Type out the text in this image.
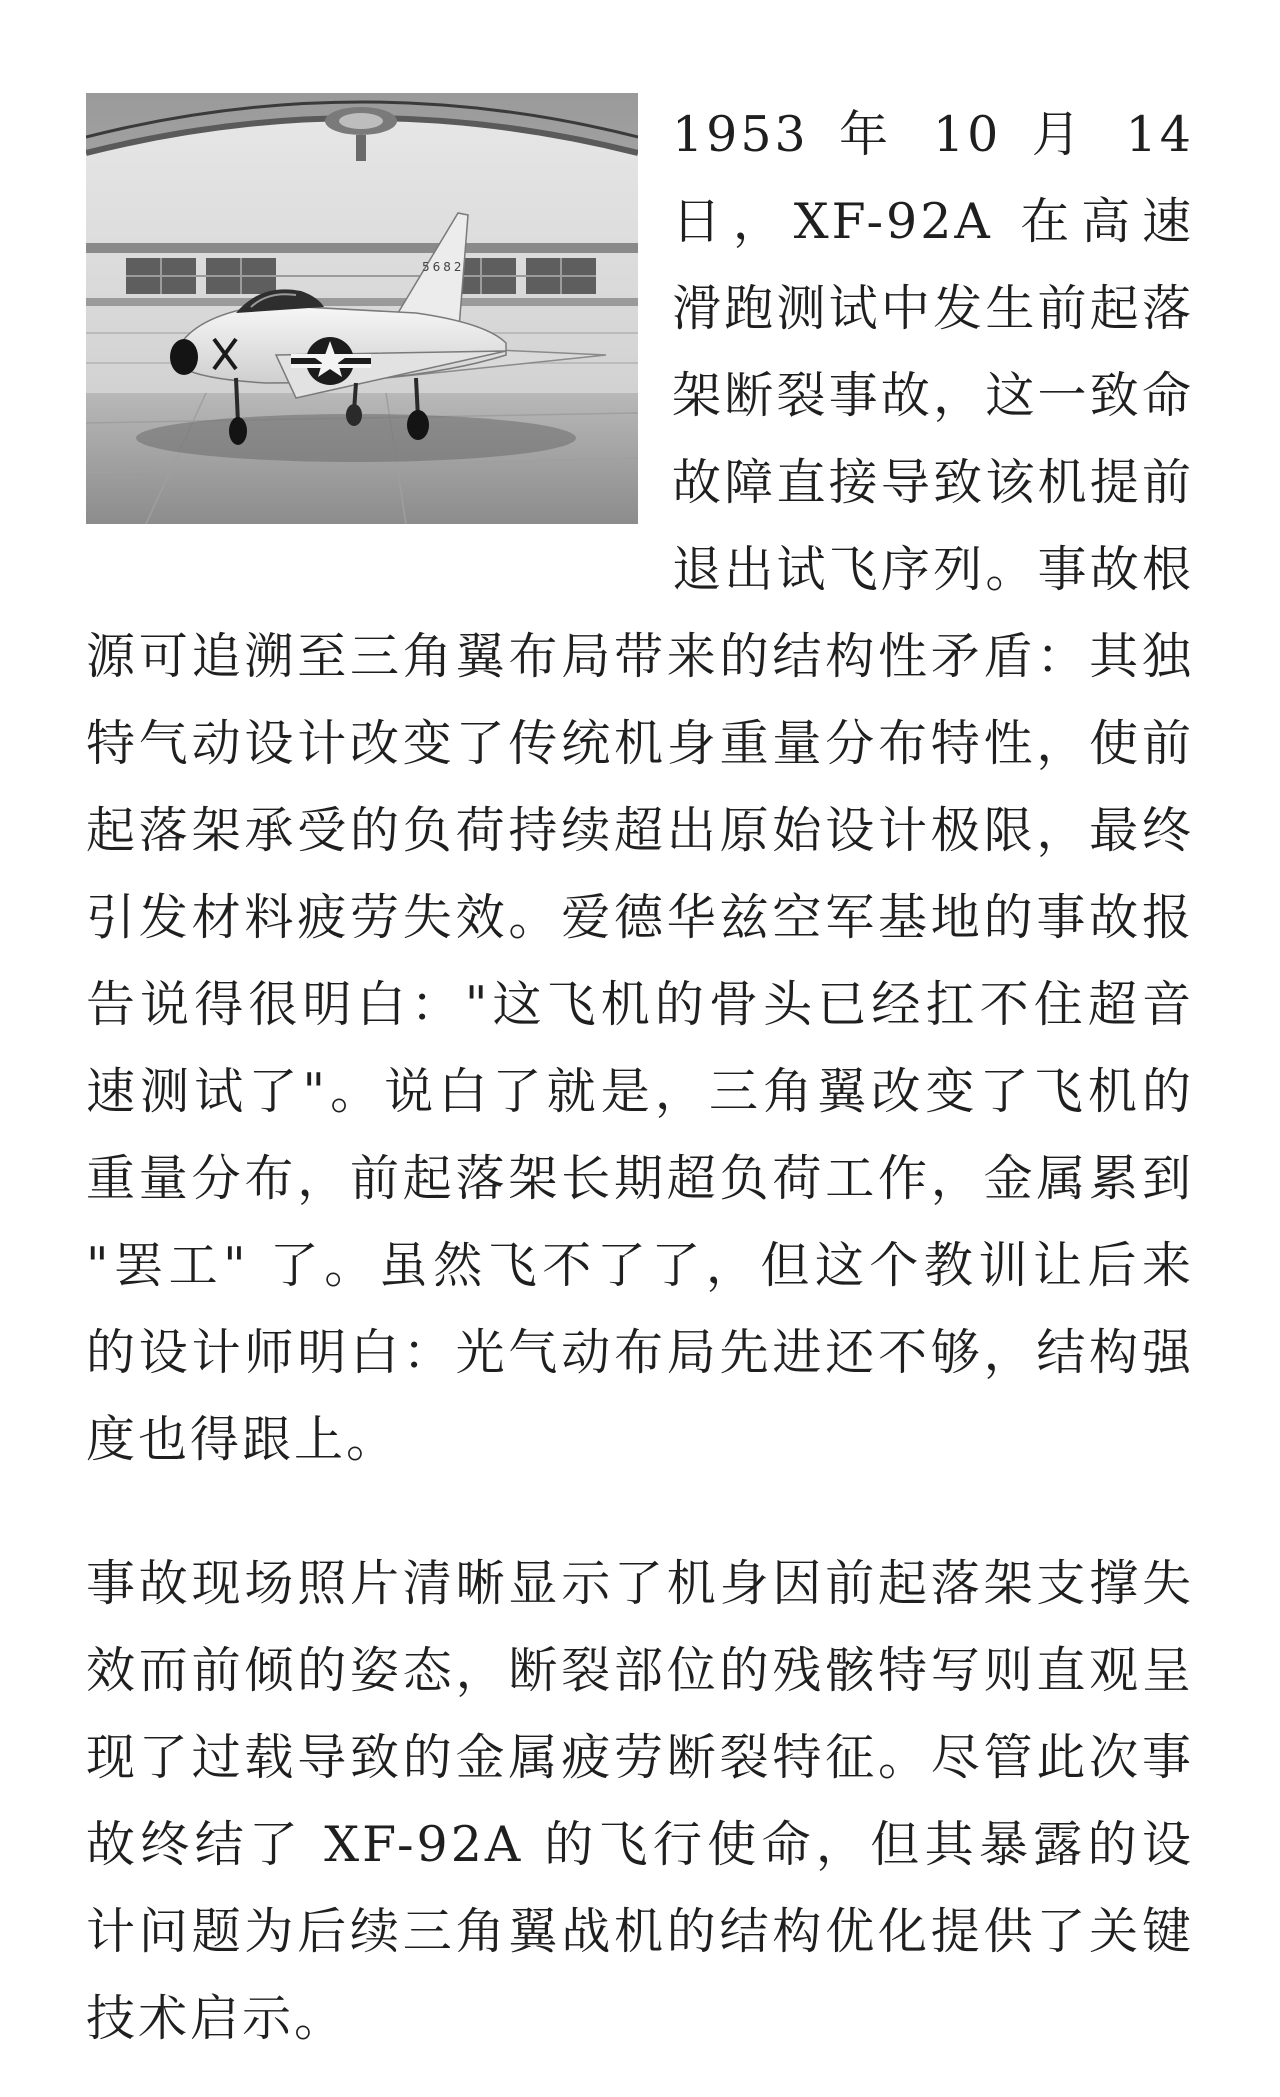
5682
1953 年 10 月 14 日，XF-92A 在高速滑跑测试中发生前起落架断裂事故，这一致命故障直接导致该机提前退出试飞序列。事故根源可追溯至三角翼布局带来的结构性矛盾：其独特气动设计改变了传统机身重量分布特性，使前起落架承受的负荷持续超出原始设计极限，最终引发材料疲劳失效。爱德华兹空军基地的事故报告说得很明白："这飞机的骨头已经扛不住超音速测试了"。说白了就是，三角翼改变了飞机的重量分布，前起落架长期超负荷工作，金属累到 "罢工" 了。虽然飞不了了，但这个教训让后来的设计师明白：光气动布局先进还不够，结构强度也得跟上。

事故现场照片清晰显示了机身因前起落架支撑失效而前倾的姿态，断裂部位的残骸特写则直观呈现了过载导致的金属疲劳断裂特征。尽管此次事故终结了 XF-92A 的飞行使命，但其暴露的设计问题为后续三角翼战机的结构优化提供了关键技术启示。
